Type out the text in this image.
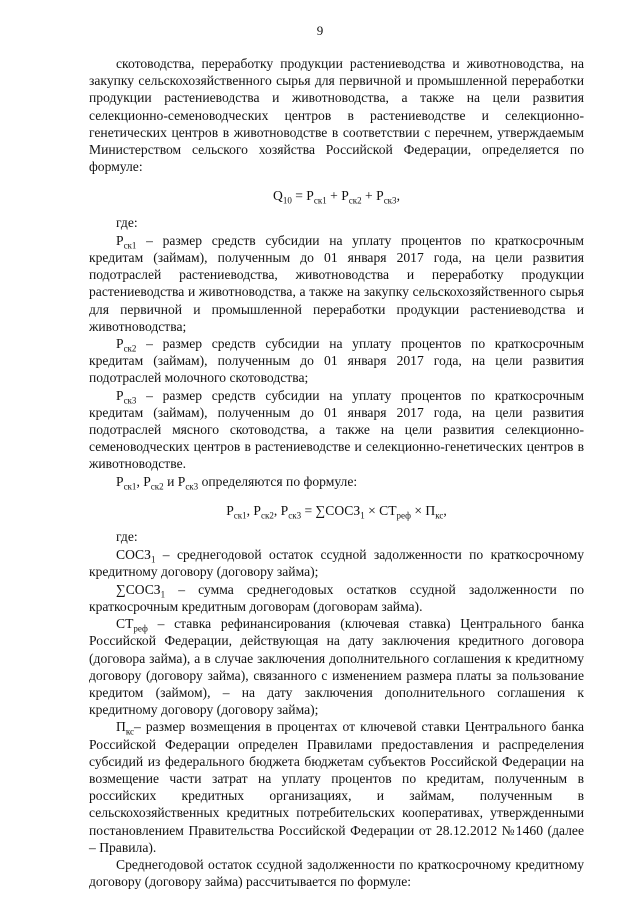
9

скотоводства, переработку продукции растениеводства и животноводства, на закупку сельскохозяйственного сырья для первичной и промышленной переработки продукции растениеводства и животноводства, а также на цели развития селекционно-семеноводческих центров в растениеводстве и селекционно-генетических центров в животноводстве в соответствии с перечнем, утверждаемым Министерством сельского хозяйства Российской Федерации, определяется по формуле:

$Q_{10} = P_{ск1} + P_{ск2} + P_{ск3}$,
где:

$P_{ск1}$ – размер средств субсидии на уплату процентов по краткосрочным кредитам (займам), полученным до 01 января 2017 года, на цели развития подотраслей растениеводства, животноводства и переработку продукции растениеводства и животноводства, а также на закупку сельскохозяйственного сырья для первичной и промышленной переработки продукции растениеводства и животноводства;

$P_{ск2}$ – размер средств субсидии на уплату процентов по краткосрочным кредитам (займам), полученным до 01 января 2017 года, на цели развития подотраслей молочного скотоводства;

$P_{ск3}$ – размер средств субсидии на уплату процентов по краткосрочным кредитам (займам), полученным до 01 января 2017 года, на цели развития подотраслей мясного скотоводства, а также на цели развития селекционно-семеноводческих центров в растениеводстве и селекционно-генетических центров в животноводстве.

$P_{ск1}$, $P_{ск2}$ и $P_{ск3}$ определяются по формуле:

$P_{ск1}$, $P_{ск2}$, $P_{ск3}$ = $\sum СОСЗ_1 \times СТ_{реф} \times П_{кс}$,
где:

$СОСЗ_1$ – среднегодовой остаток ссудной задолженности по краткосрочному кредитному договору (договору займа);

$\sum СОСЗ_1$ – сумма среднегодовых остатков ссудной задолженности по краткосрочным кредитным договорам (договорам займа).

$СТ_{реф}$ – ставка рефинансирования (ключевая ставка) Центрального банка Российской Федерации, действующая на дату заключения кредитного договора (договора займа), а в случае заключения дополнительного соглашения к кредитному договору (договору займа), связанного с изменением размера платы за пользование кредитом (займом), – на дату заключения дополнительного соглашения к кредитному договору (договору займа);

$П_{кс}-$ размер возмещения в процентах от ключевой ставки Центрального банка Российской Федерации определен Правилами предоставления и распределения субсидий из федерального бюджета бюджетам субъектов Российской Федерации на возмещение части затрат на уплату процентов по кредитам, полученным в российских кредитных организациях, и займам, полученным в сельскохозяйственных кредитных потребительских кооперативах, утвержденными постановлением Правительства Российской Федерации от 28.12.2012 №1460 (далее – Правила).

Среднегодовой остаток ссудной задолженности по краткосрочному кредитному договору (договору займа) рассчитывается по формуле:
